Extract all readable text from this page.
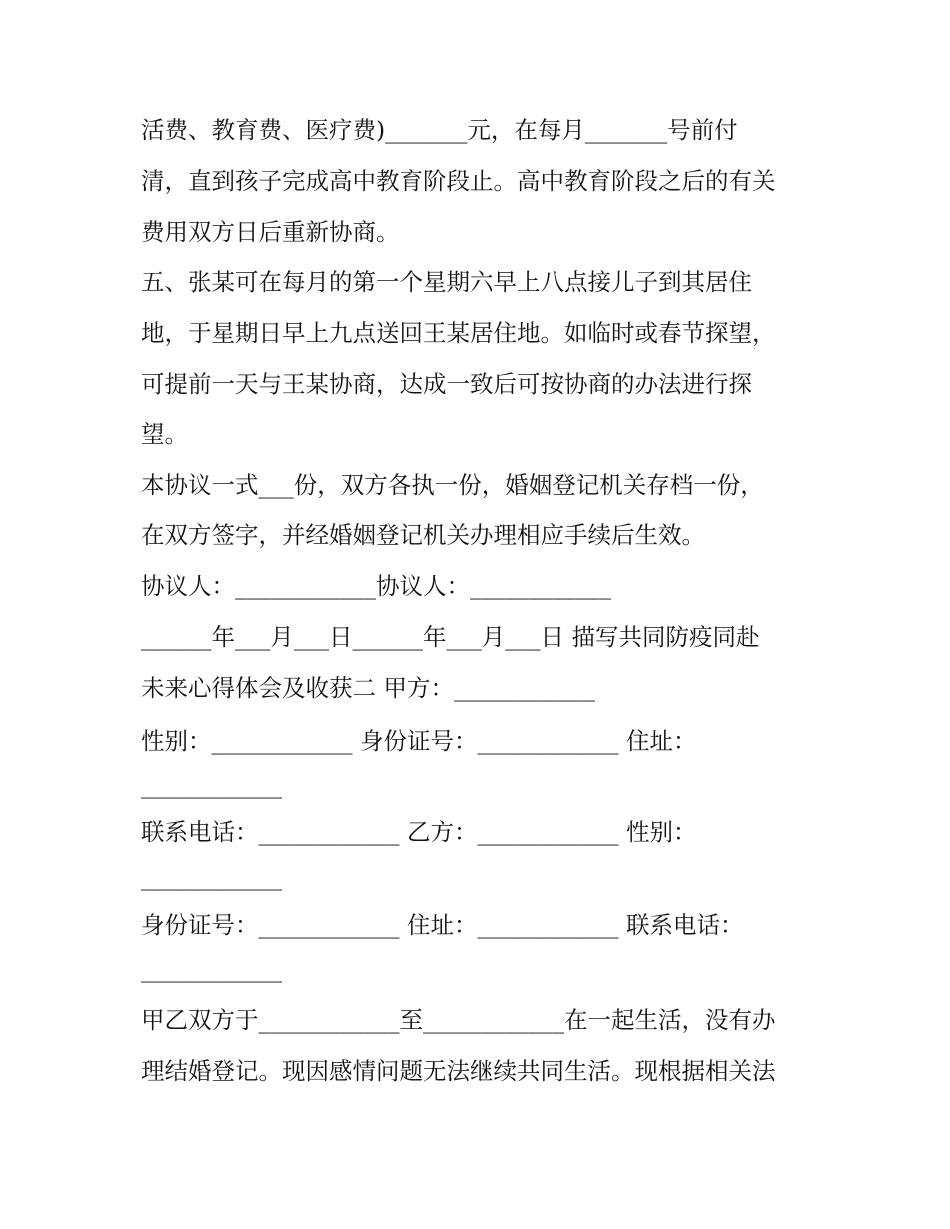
活费、教育费、医疗费)_______元，在每月_______号前付
清，直到孩子完成高中教育阶段止。高中教育阶段之后的有关
费用双方日后重新协商。
五、张某可在每月的第一个星期六早上八点接儿子到其居住
地，于星期日早上九点送回王某居住地。如临时或春节探望，
可提前一天与王某协商，达成一致后可按协商的办法进行探
望。
本协议一式___份，双方各执一份，婚姻登记机关存档一份，
在双方签字，并经婚姻登记机关办理相应手续后生效。
协议人：____________协议人：____________
______年___月___日______年___月___日 描写共同防疫同赴
未来心得体会及收获二 甲方：____________
性别：____________ 身份证号：____________ 住址：
____________
联系电话：____________ 乙方：____________ 性别：
____________
身份证号：____________ 住址：____________ 联系电话：
____________
甲乙双方于____________至____________在一起生活，没有办
理结婚登记。现因感情问题无法继续共同生活。现根据相关法
